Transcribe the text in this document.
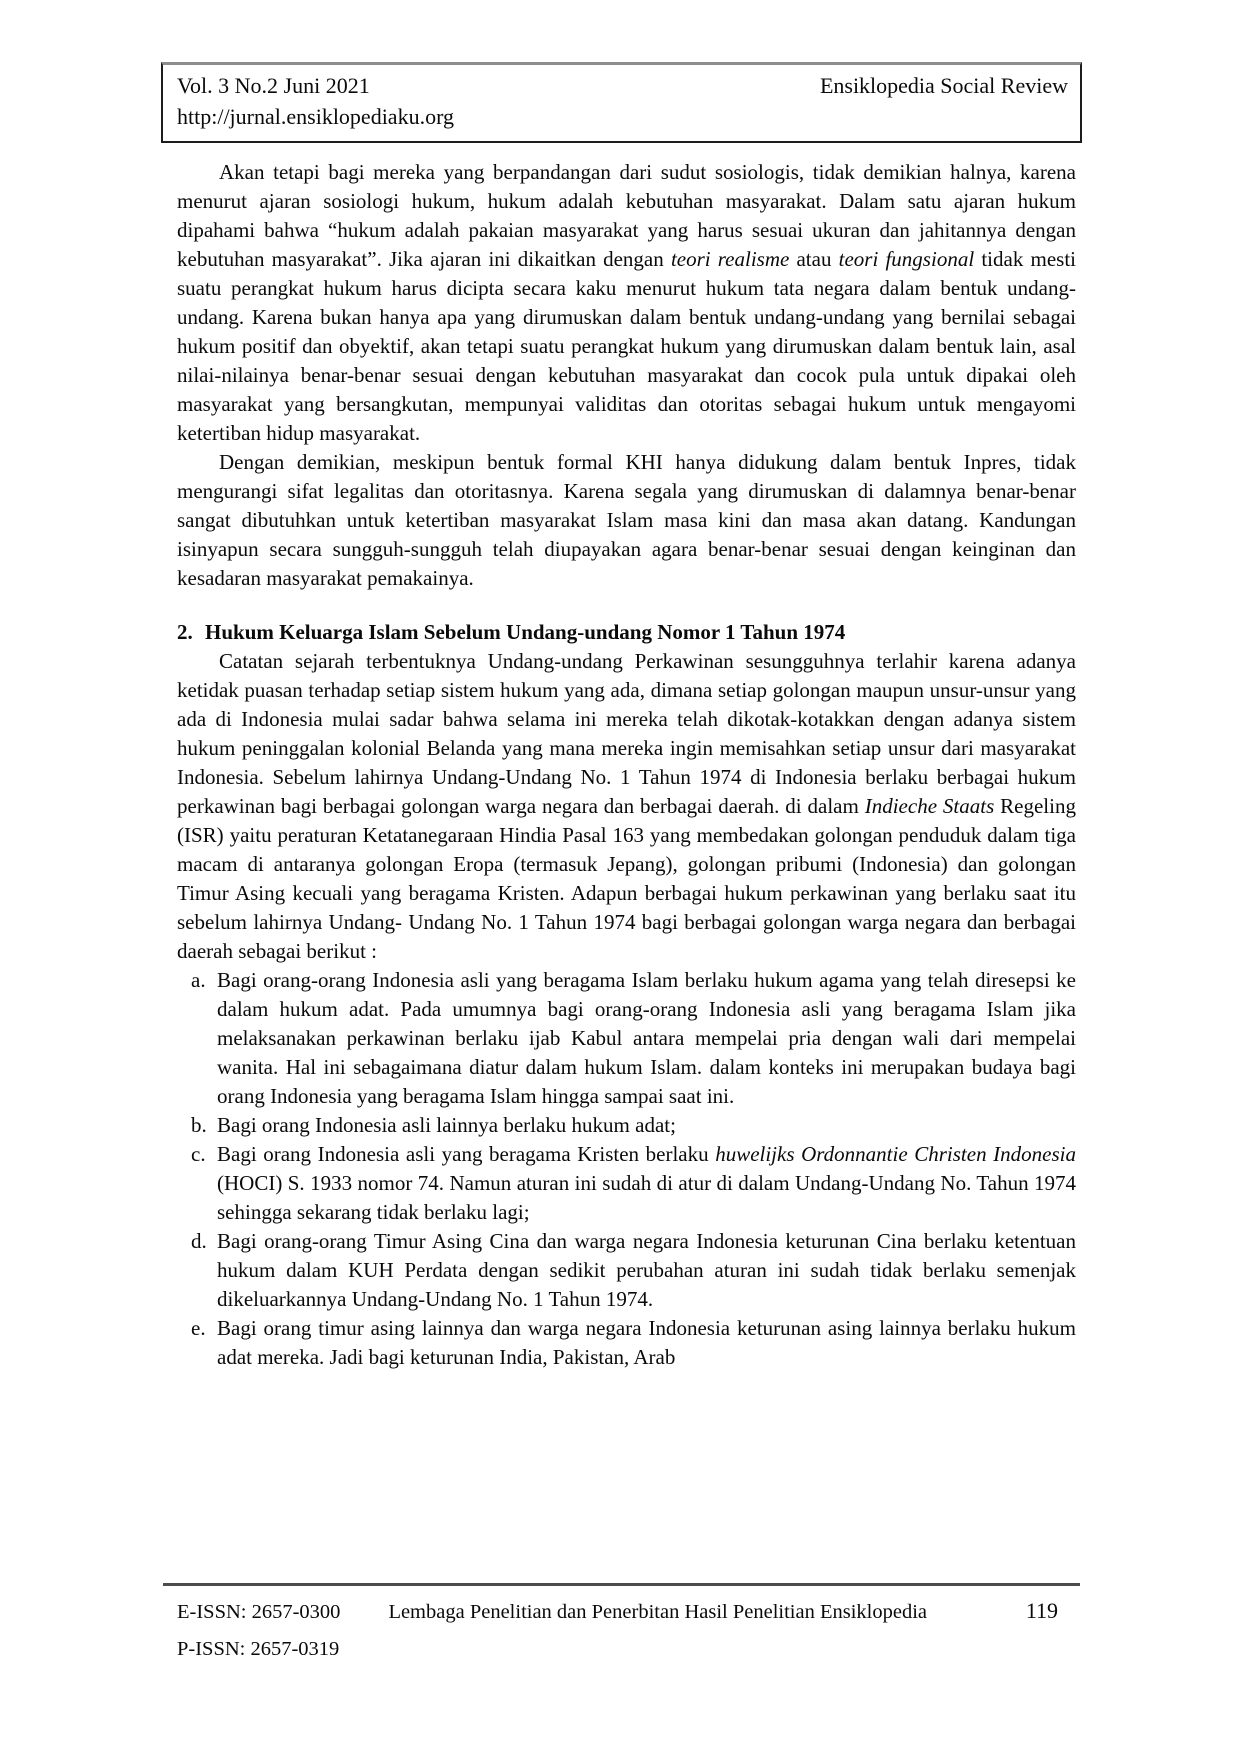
Vol. 3 No.2 Juni 2021	Ensiklopedia Social Review
http://jurnal.ensiklopediaku.org

Akan tetapi bagi mereka yang berpandangan dari sudut sosiologis, tidak demikian halnya, karena menurut ajaran sosiologi hukum, hukum adalah kebutuhan masyarakat. Dalam satu ajaran hukum dipahami bahwa “hukum adalah pakaian masyarakat yang harus sesuai ukuran dan jahitannya dengan kebutuhan masyarakat”. Jika ajaran ini dikaitkan dengan teori realisme atau teori fungsional tidak mesti suatu perangkat hukum harus dicipta secara kaku menurut hukum tata negara dalam bentuk undang-undang. Karena bukan hanya apa yang dirumuskan dalam bentuk undang-undang yang bernilai sebagai hukum positif dan obyektif, akan tetapi suatu perangkat hukum yang dirumuskan dalam bentuk lain, asal nilai-nilainya benar-benar sesuai dengan kebutuhan masyarakat dan cocok pula untuk dipakai oleh masyarakat yang bersangkutan, mempunyai validitas dan otoritas sebagai hukum untuk mengayomi ketertiban hidup masyarakat.

Dengan demikian, meskipun bentuk formal KHI hanya didukung dalam bentuk Inpres, tidak mengurangi sifat legalitas dan otoritasnya. Karena segala yang dirumuskan di dalamnya benar-benar sangat dibutuhkan untuk ketertiban masyarakat Islam masa kini dan masa akan datang. Kandungan isinyapun secara sungguh-sungguh telah diupayakan agara benar-benar sesuai dengan keinginan dan kesadaran masyarakat pemakainya.

2. Hukum Keluarga Islam Sebelum Undang-undang Nomor 1 Tahun 1974

Catatan sejarah terbentuknya Undang-undang Perkawinan sesungguhnya terlahir karena adanya ketidak puasan terhadap setiap sistem hukum yang ada, dimana setiap golongan maupun unsur-unsur yang ada di Indonesia mulai sadar bahwa selama ini mereka telah dikotak-kotakkan dengan adanya sistem hukum peninggalan kolonial Belanda yang mana mereka ingin memisahkan setiap unsur dari masyarakat Indonesia. Sebelum lahirnya Undang-Undang No. 1 Tahun 1974 di Indonesia berlaku berbagai hukum perkawinan bagi berbagai golongan warga negara dan berbagai daerah. di dalam Indieche Staats Regeling (ISR) yaitu peraturan Ketatanegaraan Hindia Pasal 163 yang membedakan golongan penduduk dalam tiga macam di antaranya golongan Eropa (termasuk Jepang), golongan pribumi (Indonesia) dan golongan Timur Asing kecuali yang beragama Kristen. Adapun berbagai hukum perkawinan yang berlaku saat itu sebelum lahirnya Undang- Undang No. 1 Tahun 1974 bagi berbagai golongan warga negara dan berbagai daerah sebagai berikut :

a. Bagi orang-orang Indonesia asli yang beragama Islam berlaku hukum agama yang telah diresepsi ke dalam hukum adat. Pada umumnya bagi orang-orang Indonesia asli yang beragama Islam jika melaksanakan perkawinan berlaku ijab Kabul antara mempelai pria dengan wali dari mempelai wanita. Hal ini sebagaimana diatur dalam hukum Islam. dalam konteks ini merupakan budaya bagi orang Indonesia yang beragama Islam hingga sampai saat ini.
b. Bagi orang Indonesia asli lainnya berlaku hukum adat;
c. Bagi orang Indonesia asli yang beragama Kristen berlaku huwelijks Ordonnantie Christen Indonesia (HOCI) S. 1933 nomor 74. Namun aturan ini sudah di atur di dalam Undang-Undang No. Tahun 1974 sehingga sekarang tidak berlaku lagi;
d. Bagi orang-orang Timur Asing Cina dan warga negara Indonesia keturunan Cina berlaku ketentuan hukum dalam KUH Perdata dengan sedikit perubahan aturan ini sudah tidak berlaku semenjak dikeluarkannya Undang-Undang No. 1 Tahun 1974.
e. Bagi orang timur asing lainnya dan warga negara Indonesia keturunan asing lainnya berlaku hukum adat mereka. Jadi bagi keturunan India, Pakistan, Arab
E-ISSN: 2657-0300 Lembaga Penelitian dan Penerbitan Hasil Penelitian Ensiklopedia	119
P-ISSN: 2657-0319
